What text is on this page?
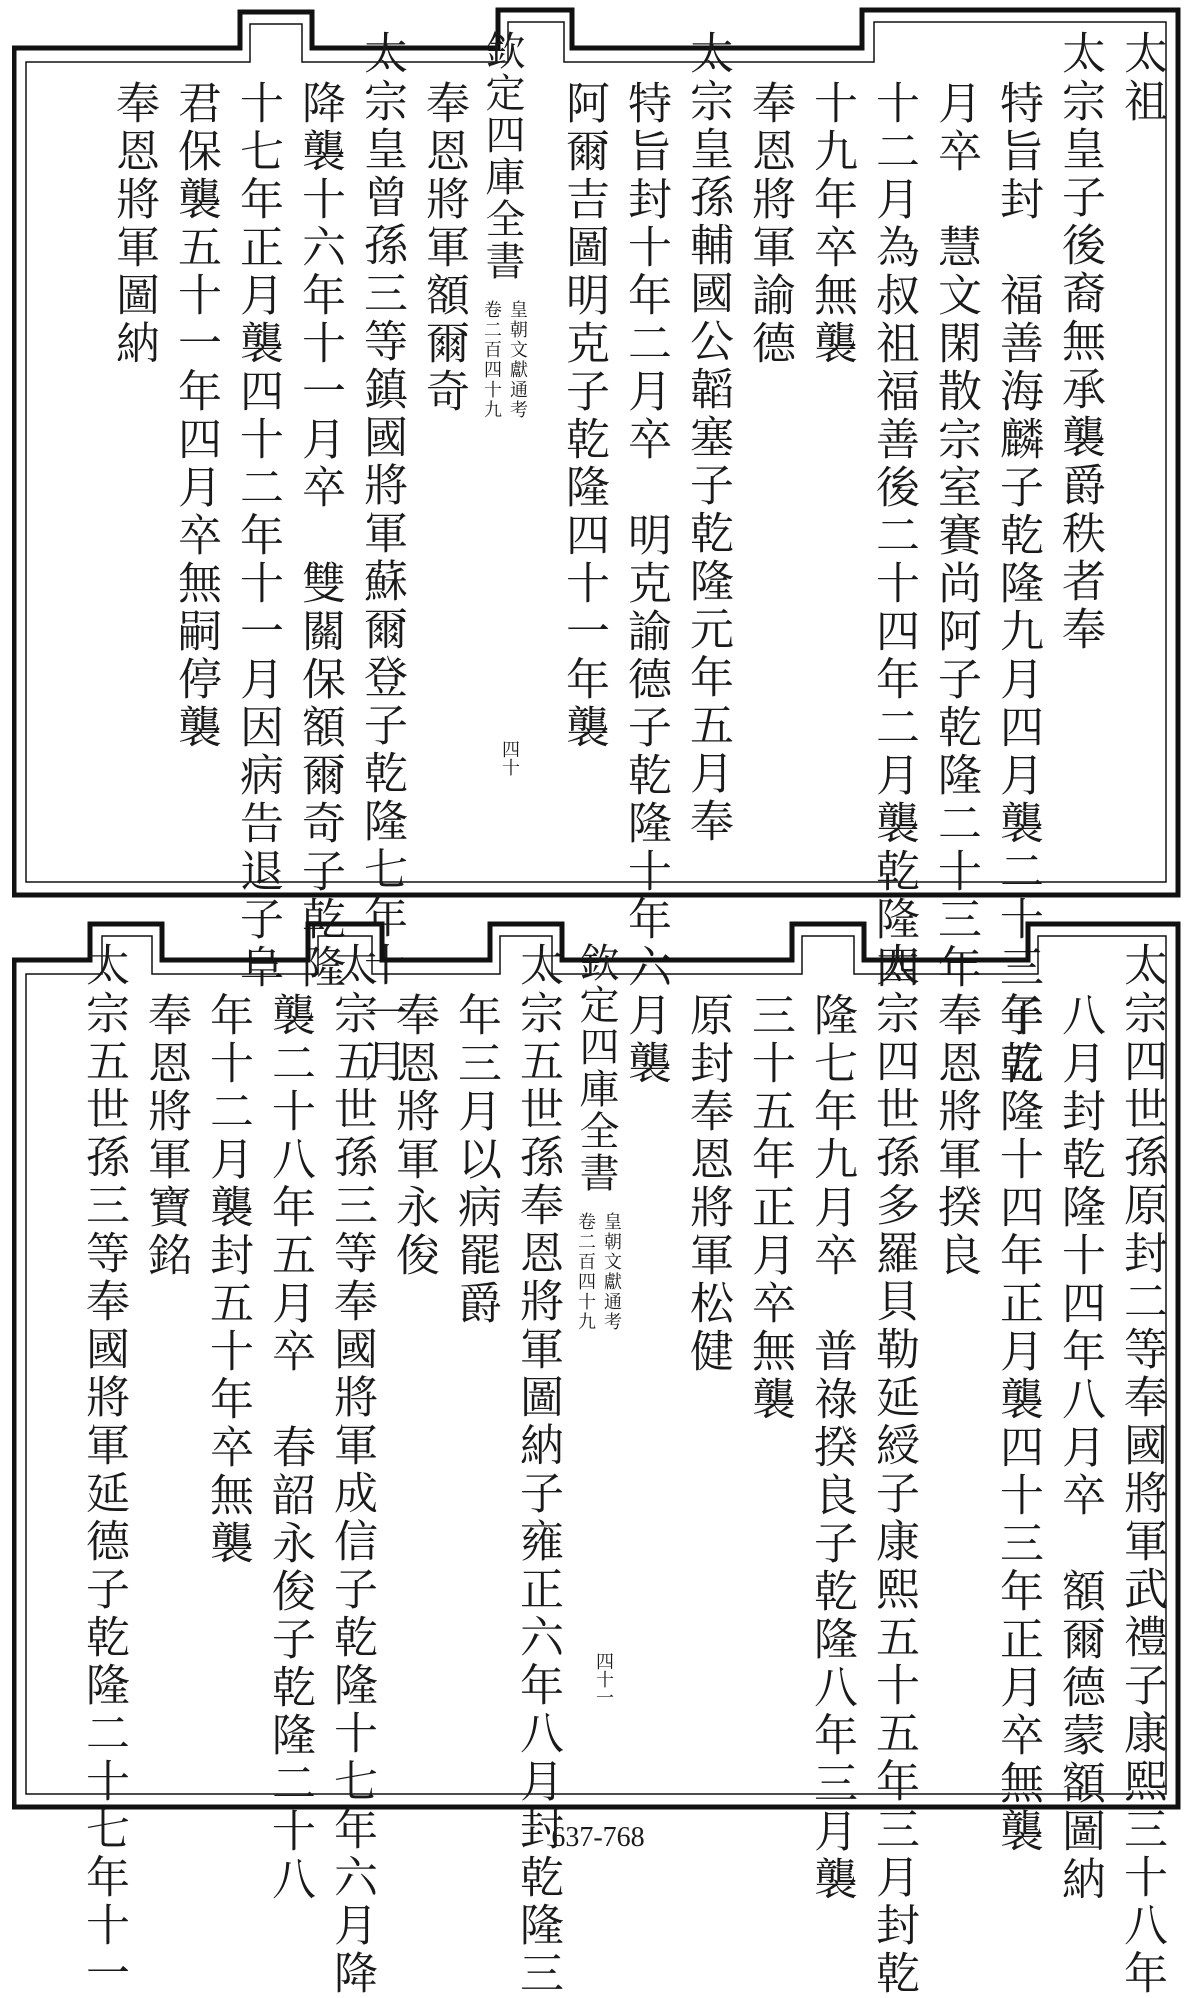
太祖
太宗皇子後裔無承襲爵秩者奉
特旨封　福善海麟子乾隆九月四月襲二十三年五
月卒　慧文閑散宗室賽尚阿子乾隆二十三年
十二月為叔祖福善後二十四年二月襲乾隆四
十九年卒無襲
奉恩將軍諭德
太宗皇孫輔國公韜塞子乾隆元年五月奉
特旨封十年二月卒　明克諭德子乾隆十年六月襲
阿爾吉圖明克子乾隆四十一年襲
奉恩將軍額爾奇
太宗皇曾孫三等鎮國將軍蘇爾登子乾隆七年十一月
降襲十六年十一月卒　雙關保額爾奇子乾隆
十七年正月襲四十二年十一月因病告退子阜
君保襲五十一年四月卒無嗣停襲
奉恩將軍圖納	欽定四庫全書
皇朝文獻通考
卷二百四十九
四十
太宗四世孫原封二等奉國將軍武禮子康熙三十八年
八月封乾隆十四年八月卒　額爾德蒙額圖納
子乾隆十四年正月襲四十三年正月卒無襲
奉恩將軍揆良
太宗四世孫多羅貝勒延綬子康熙五十五年三月封乾
隆七年九月卒　普祿揆良子乾隆八年三月襲
三十五年正月卒無襲
原封奉恩將軍松健
太宗五世孫奉恩將軍圖納子雍正六年八月封乾隆三
年三月以病罷爵
奉恩將軍永俊
太宗五世孫三等奉國將軍成信子乾隆十七年六月降
襲二十八年五月卒　春韶永俊子乾隆二十八
年十二月襲封五十年卒無襲
奉恩將軍寶銘
太宗五世孫三等奉國將軍延德子乾隆二十七年十一	欽定四庫全書
皇朝文獻通考
卷二百四十九
四十一
637-768
